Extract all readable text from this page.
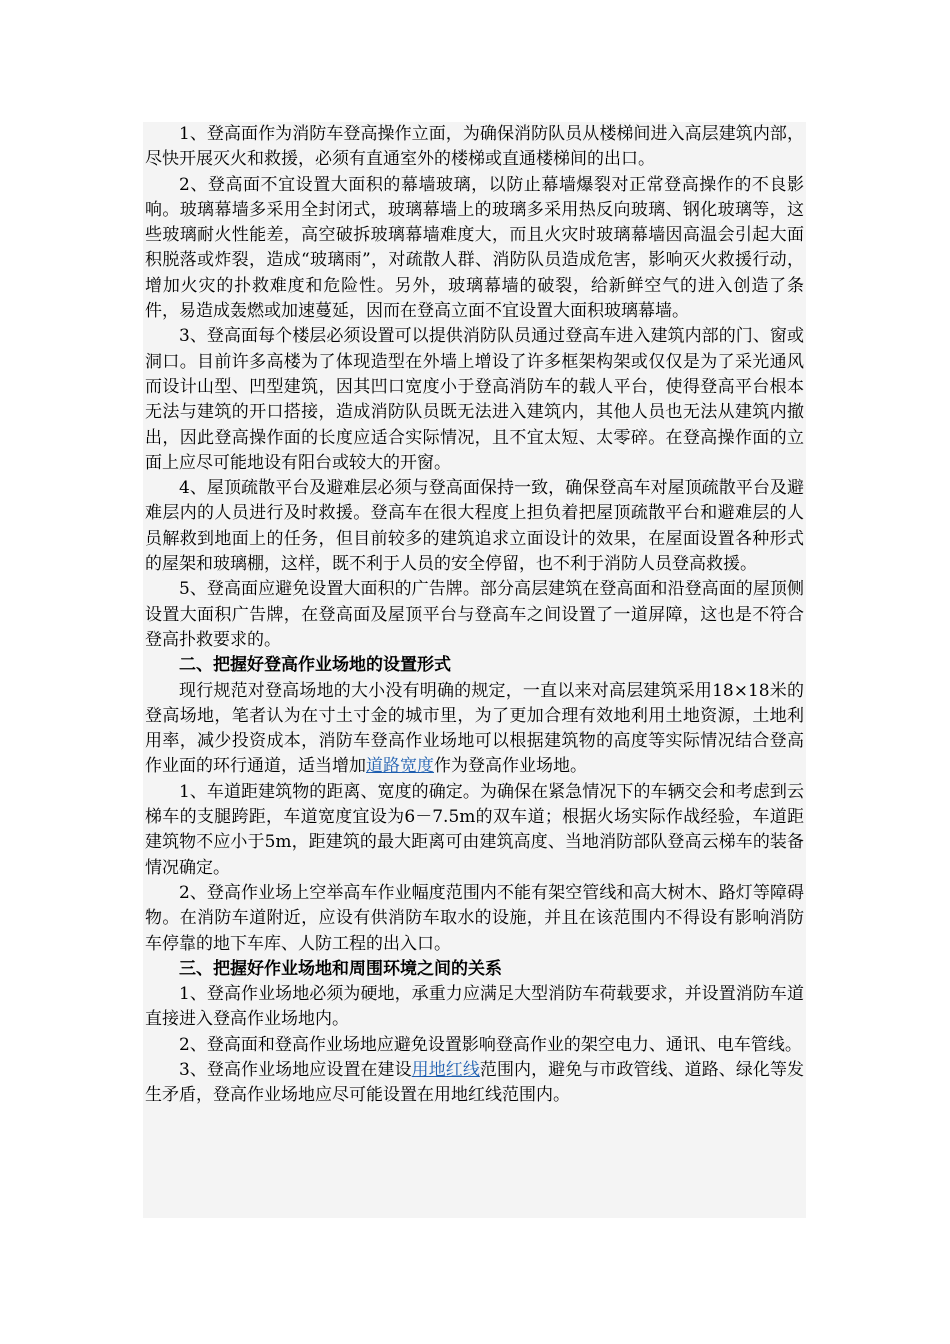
1、登高面作为消防车登高操作立面，为确保消防队员从楼梯间进入高层建筑内部，尽快开展灭火和救援，必须有直通室外的楼梯或直通楼梯间的出口。

2、登高面不宜设置大面积的幕墙玻璃，以防止幕墙爆裂对正常登高操作的不良影响。玻璃幕墙多采用全封闭式，玻璃幕墙上的玻璃多采用热反向玻璃、钢化玻璃等，这些玻璃耐火性能差，高空破拆玻璃幕墙难度大，而且火灾时玻璃幕墙因高温会引起大面积脱落或炸裂，造成“玻璃雨”，对疏散人群、消防队员造成危害，影响灭火救援行动，增加火灾的扑救难度和危险性。另外，玻璃幕墙的破裂，给新鲜空气的进入创造了条件，易造成轰燃或加速蔓延，因而在登高立面不宜设置大面积玻璃幕墙。

3、登高面每个楼层必须设置可以提供消防队员通过登高车进入建筑内部的门、窗或洞口。目前许多高楼为了体现造型在外墙上增设了许多框架构架或仅仅是为了采光通风而设计山型、凹型建筑，因其凹口宽度小于登高消防车的载人平台，使得登高平台根本无法与建筑的开口搭接，造成消防队员既无法进入建筑内，其他人员也无法从建筑内撤出，因此登高操作面的长度应适合实际情况，且不宜太短、太零碎。在登高操作面的立面上应尽可能地设有阳台或较大的开窗。

4、屋顶疏散平台及避难层必须与登高面保持一致，确保登高车对屋顶疏散平台及避难层内的人员进行及时救援。登高车在很大程度上担负着把屋顶疏散平台和避难层的人员解救到地面上的任务，但目前较多的建筑追求立面设计的效果，在屋面设置各种形式的屋架和玻璃棚，这样，既不利于人员的安全停留，也不利于消防人员登高救援。

5、登高面应避免设置大面积的广告牌。部分高层建筑在登高面和沿登高面的屋顶侧设置大面积广告牌，在登高面及屋顶平台与登高车之间设置了一道屏障，这也是不符合登高扑救要求的。

二、把握好登高作业场地的设置形式

现行规范对登高场地的大小没有明确的规定，一直以来对高层建筑采用18×18米的登高场地，笔者认为在寸土寸金的城市里，为了更加合理有效地利用土地资源，土地利用率，减少投资成本，消防车登高作业场地可以根据建筑物的高度等实际情况结合登高作业面的环行通道，适当增加道路宽度作为登高作业场地。

1、车道距建筑物的距离、宽度的确定。为确保在紧急情况下的车辆交会和考虑到云梯车的支腿跨距，车道宽度宜设为6－7.5m的双车道；根据火场实际作战经验，车道距建筑物不应小于5m，距建筑的最大距离可由建筑高度、当地消防部队登高云梯车的装备情况确定。

2、登高作业场上空举高车作业幅度范围内不能有架空管线和高大树木、路灯等障碍物。在消防车道附近，应设有供消防车取水的设施，并且在该范围内不得设有影响消防车停靠的地下车库、人防工程的出入口。

三、把握好作业场地和周围环境之间的关系

1、登高作业场地必须为硬地，承重力应满足大型消防车荷载要求，并设置消防车道直接进入登高作业场地内。

2、登高面和登高作业场地应避免设置影响登高作业的架空电力、通讯、电车管线。

3、登高作业场地应设置在建设用地红线范围内，避免与市政管线、道路、绿化等发生矛盾，登高作业场地应尽可能设置在用地红线范围内。
